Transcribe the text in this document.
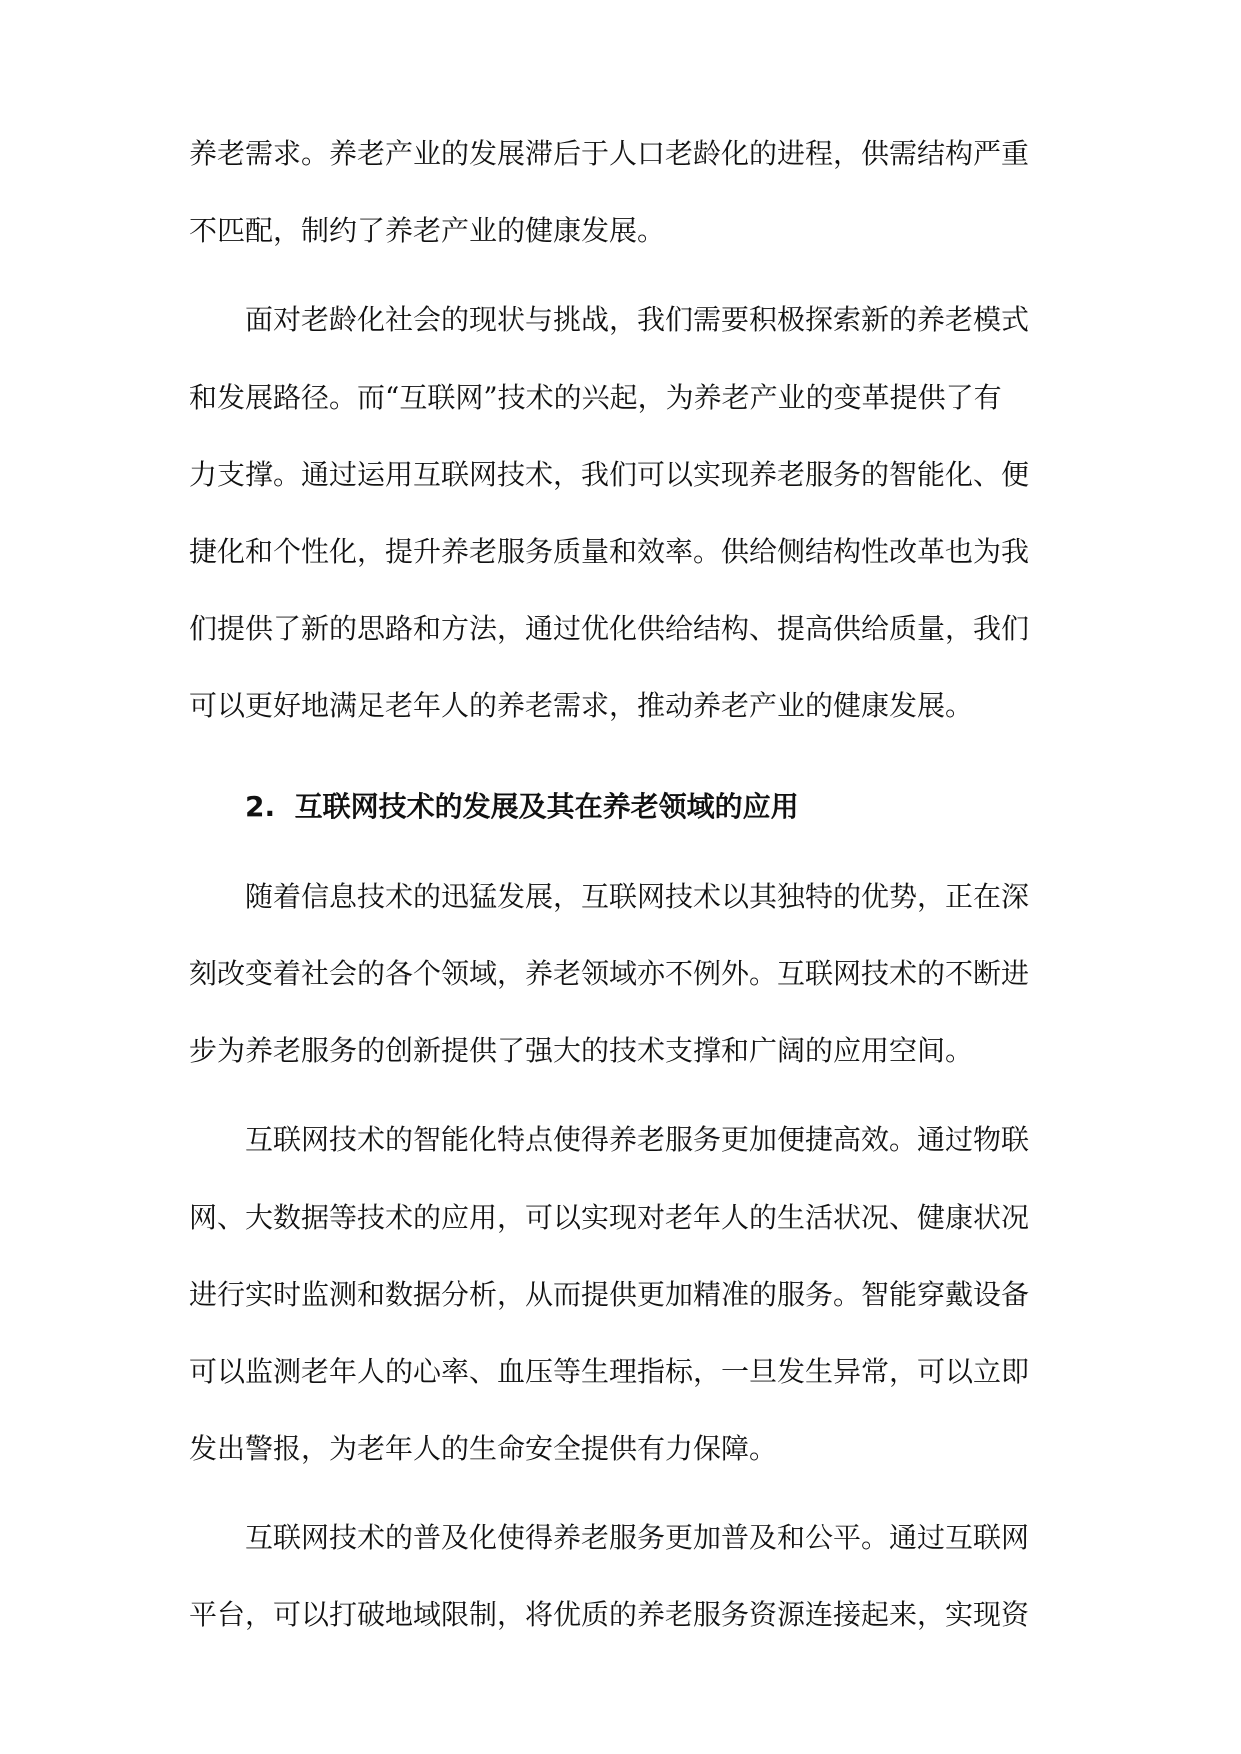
养老需求。养老产业的发展滞后于人口老龄化的进程，供需结构严重
不匹配，制约了养老产业的健康发展。
面对老龄化社会的现状与挑战，我们需要积极探索新的养老模式
和发展路径。而“互联网”技术的兴起，为养老产业的变革提供了有
力支撑。通过运用互联网技术，我们可以实现养老服务的智能化、便
捷化和个性化，提升养老服务质量和效率。供给侧结构性改革也为我
们提供了新的思路和方法，通过优化供给结构、提高供给质量，我们
可以更好地满足老年人的养老需求，推动养老产业的健康发展。
2.  互联网技术的发展及其在养老领域的应用
随着信息技术的迅猛发展，互联网技术以其独特的优势，正在深
刻改变着社会的各个领域，养老领域亦不例外。互联网技术的不断进
步为养老服务的创新提供了强大的技术支撑和广阔的应用空间。
互联网技术的智能化特点使得养老服务更加便捷高效。通过物联
网、大数据等技术的应用，可以实现对老年人的生活状况、健康状况
进行实时监测和数据分析，从而提供更加精准的服务。智能穿戴设备
可以监测老年人的心率、血压等生理指标，一旦发生异常，可以立即
发出警报，为老年人的生命安全提供有力保障。
互联网技术的普及化使得养老服务更加普及和公平。通过互联网
平台，可以打破地域限制，将优质的养老服务资源连接起来，实现资
